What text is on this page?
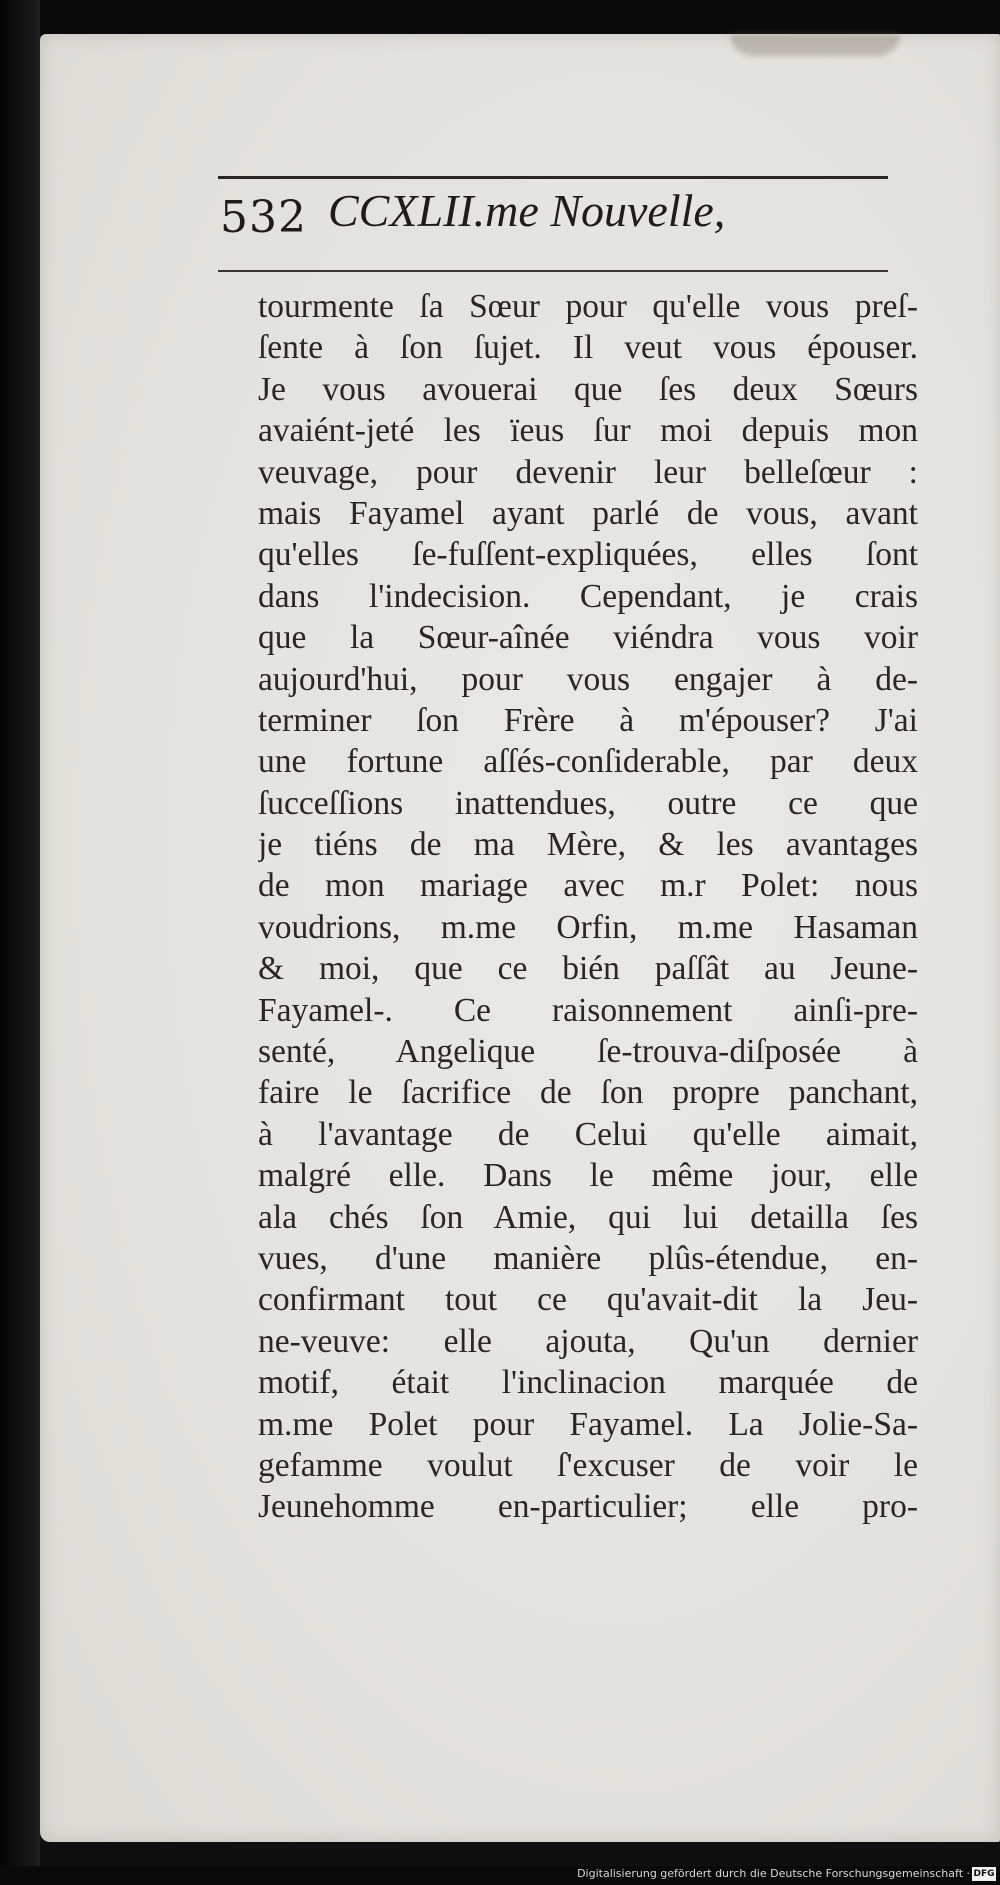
532 CCXLII.me Nouvelle,
tourmente ſa Sœur pour qu'elle vous preſ-
ſente à ſon ſujet. Il veut vous épouser.
Je vous avouerai que ſes deux Sœurs
avaiént-jeté les ïeus ſur moi depuis mon
veuvage, pour devenir leur belleſœur :
mais Fayamel ayant parlé de vous, avant
qu'elles ſe-fuſſent-expliquées, elles ſont
dans l'indecision. Cependant, je crais
que la Sœur-aînée viéndra vous voir
aujourd'hui, pour vous engajer à de-
terminer ſon Frère à m'épouser? J'ai
une fortune aſſés-conſiderable, par deux
ſucceſſions inattendues, outre ce que
je tiéns de ma Mère, & les avantages
de mon mariage avec m.r Polet: nous
voudrions, m.me Orfin, m.me Hasaman
& moi, que ce bién paſſât au Jeune-
Fayamel-. Ce raisonnement ainſi-pre-
senté, Angelique ſe-trouva-diſposée à
faire le ſacrifice de ſon propre panchant,
à l'avantage de Celui qu'elle aimait,
malgré elle. Dans le même jour, elle
ala chés ſon Amie, qui lui detailla ſes
vues, d'une manière plûs-étendue, en-
confirmant tout ce qu'avait-dit la Jeu-
ne-veuve: elle ajouta, Qu'un dernier
motif, était l'inclinacion marquée de
m.me Polet pour Fayamel. La Jolie-Sa-
gefamme voulut ſ'excuser de voir le
Jeunehomme en-particulier; elle pro-
Digitalisierung gefördert durch die Deutsche Forschungsgemeinschaft · DFG
